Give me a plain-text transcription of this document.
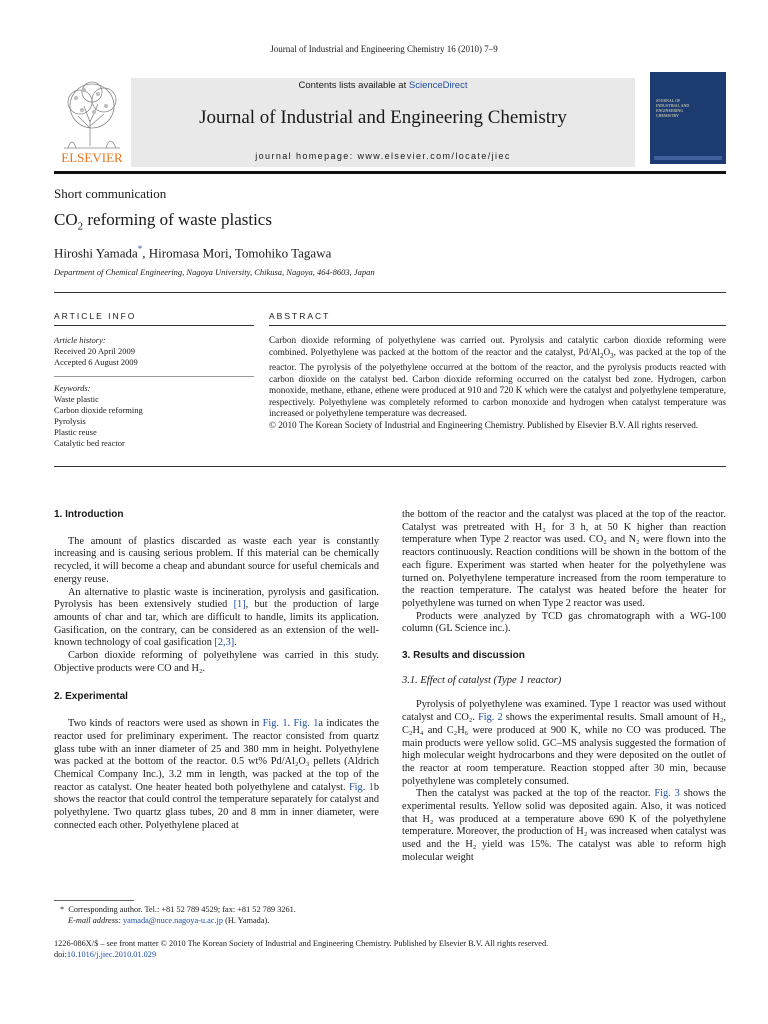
Journal of Industrial and Engineering Chemistry 16 (2010) 7–9
ELSEVIER
Contents lists available at ScienceDirect
Journal of Industrial and Engineering Chemistry
journal homepage: www.elsevier.com/locate/jiec
JOURNAL OF INDUSTRIAL AND ENGINEERING CHEMISTRY
Short communication
$CO_2$ reforming of waste plastics
Hiroshi Yamada*, Hiromasa Mori, Tomohiko Tagawa
Department of Chemical Engineering, Nagoya University, Chikusa, Nagoya, 464-8603, Japan
ARTICLE INFO
Article history:
Received 20 April 2009
Accepted 6 August 2009
Keywords:
Waste plastic
Carbon dioxide reforming
Pyrolysis
Plastic reuse
Catalytic bed reactor
ABSTRACT
Carbon dioxide reforming of polyethylene was carried out. Pyrolysis and catalytic carbon dioxide reforming were combined. Polyethylene was packed at the bottom of the reactor and the catalyst, $Pd/Al_2O_3$, was packed at the top of the reactor. The pyrolysis of the polyethylene occurred at the bottom of the reactor, and the pyrolysis products reacted with carbon dioxide on the catalyst bed. Carbon dioxide reforming occurred on the catalyst bed zone. Hydrogen, carbon monoxide, methane, ethane, ethene were produced at 910 and 720 K which were the catalyst and polyethylene temperature, respectively. Polyethylene was completely reformed to carbon monoxide and hydrogen when catalyst temperature was increased or polyethylene temperature was decreased.
© 2010 The Korean Society of Industrial and Engineering Chemistry. Published by Elsevier B.V. All rights reserved.
1. Introduction

The amount of plastics discarded as waste each year is constantly increasing and is causing serious problem. If this material can be chemically recycled, it will become a cheap and abundant source for useful chemicals and energy reuse.

An alternative to plastic waste is incineration, pyrolysis and gasification. Pyrolysis has been extensively studied [1], but the production of large amounts of char and tar, which are difficult to handle, limits its application. Gasification, on the contrary, can be considered as an extension of the well-known technology of coal gasification [2,3].

Carbon dioxide reforming of polyethylene was carried in this study. Objective products were CO and H₂.

2. Experimental

Two kinds of reactors were used as shown in Fig. 1. Fig. 1a indicates the reactor used for preliminary experiment. The reactor consisted from quartz glass tube with an inner diameter of 25 and 380 mm in height. Polyethylene was packed at the bottom of the reactor. 0.5 wt% Pd/Al₂O₃ pellets (Aldrich Chemical Company Inc.), 3.2 mm in length, was packed at the top of the reactor as catalyst. One heater heated both polyethylene and catalyst. Fig. 1b shows the reactor that could control the temperature separately for catalyst and polyethylene. Two quartz glass tubes, 20 and 8 mm in inner diameter, were connected each other. Polyethylene placed at

* Corresponding author. Tel.: +81 52 789 4529; fax: +81 52 789 3261.
E-mail address: yamada@nuce.nagoya-u.ac.jp (H. Yamada).

the bottom of the reactor and the catalyst was placed at the top of the reactor. Catalyst was pretreated with H₂ for 3 h, at 50 K higher than reaction temperature when Type 2 reactor was used. CO₂ and N₂ were flown into the reactors continuously. Reaction conditions will be shown in the bottom of the each figure. Experiment was started when heater for the polyethylene was turned on. Polyethylene temperature increased from the room temperature to the reaction temperature. The catalyst was heated before the heater for polyethylene was turned on when Type 2 reactor was used.

Products were analyzed by TCD gas chromatograph with a WG-100 column (GL Science inc.).

3. Results and discussion
3.1. Effect of catalyst (Type 1 reactor)

Pyrolysis of polyethylene was examined. Type 1 reactor was used without catalyst and CO₂. Fig. 2 shows the experimental results. Small amount of H₂, C₂H₄ and C₂H₆ were produced at 900 K, while no CO was produced. The main products were yellow solid. GC–MS analysis suggested the formation of high molecular weight hydrocarbons and they were deposited on the outlet of the reactor at room temperature. Reaction stopped after 30 min, because polyethylene was completely consumed.

Then the catalyst was packed at the top of the reactor. Fig. 3 shows the experimental results. Yellow solid was deposited again. Also, it was noticed that H₂ was produced at a temperature above 690 K of the polyethylene temperature. Moreover, the production of H₂ was increased when catalyst was used and the H₂ yield was 15%. The catalyst was able to reform high molecular weight

1226-086X/$ – see front matter © 2010 The Korean Society of Industrial and Engineering Chemistry. Published by Elsevier B.V. All rights reserved.
doi:10.1016/j.jiec.2010.01.029
